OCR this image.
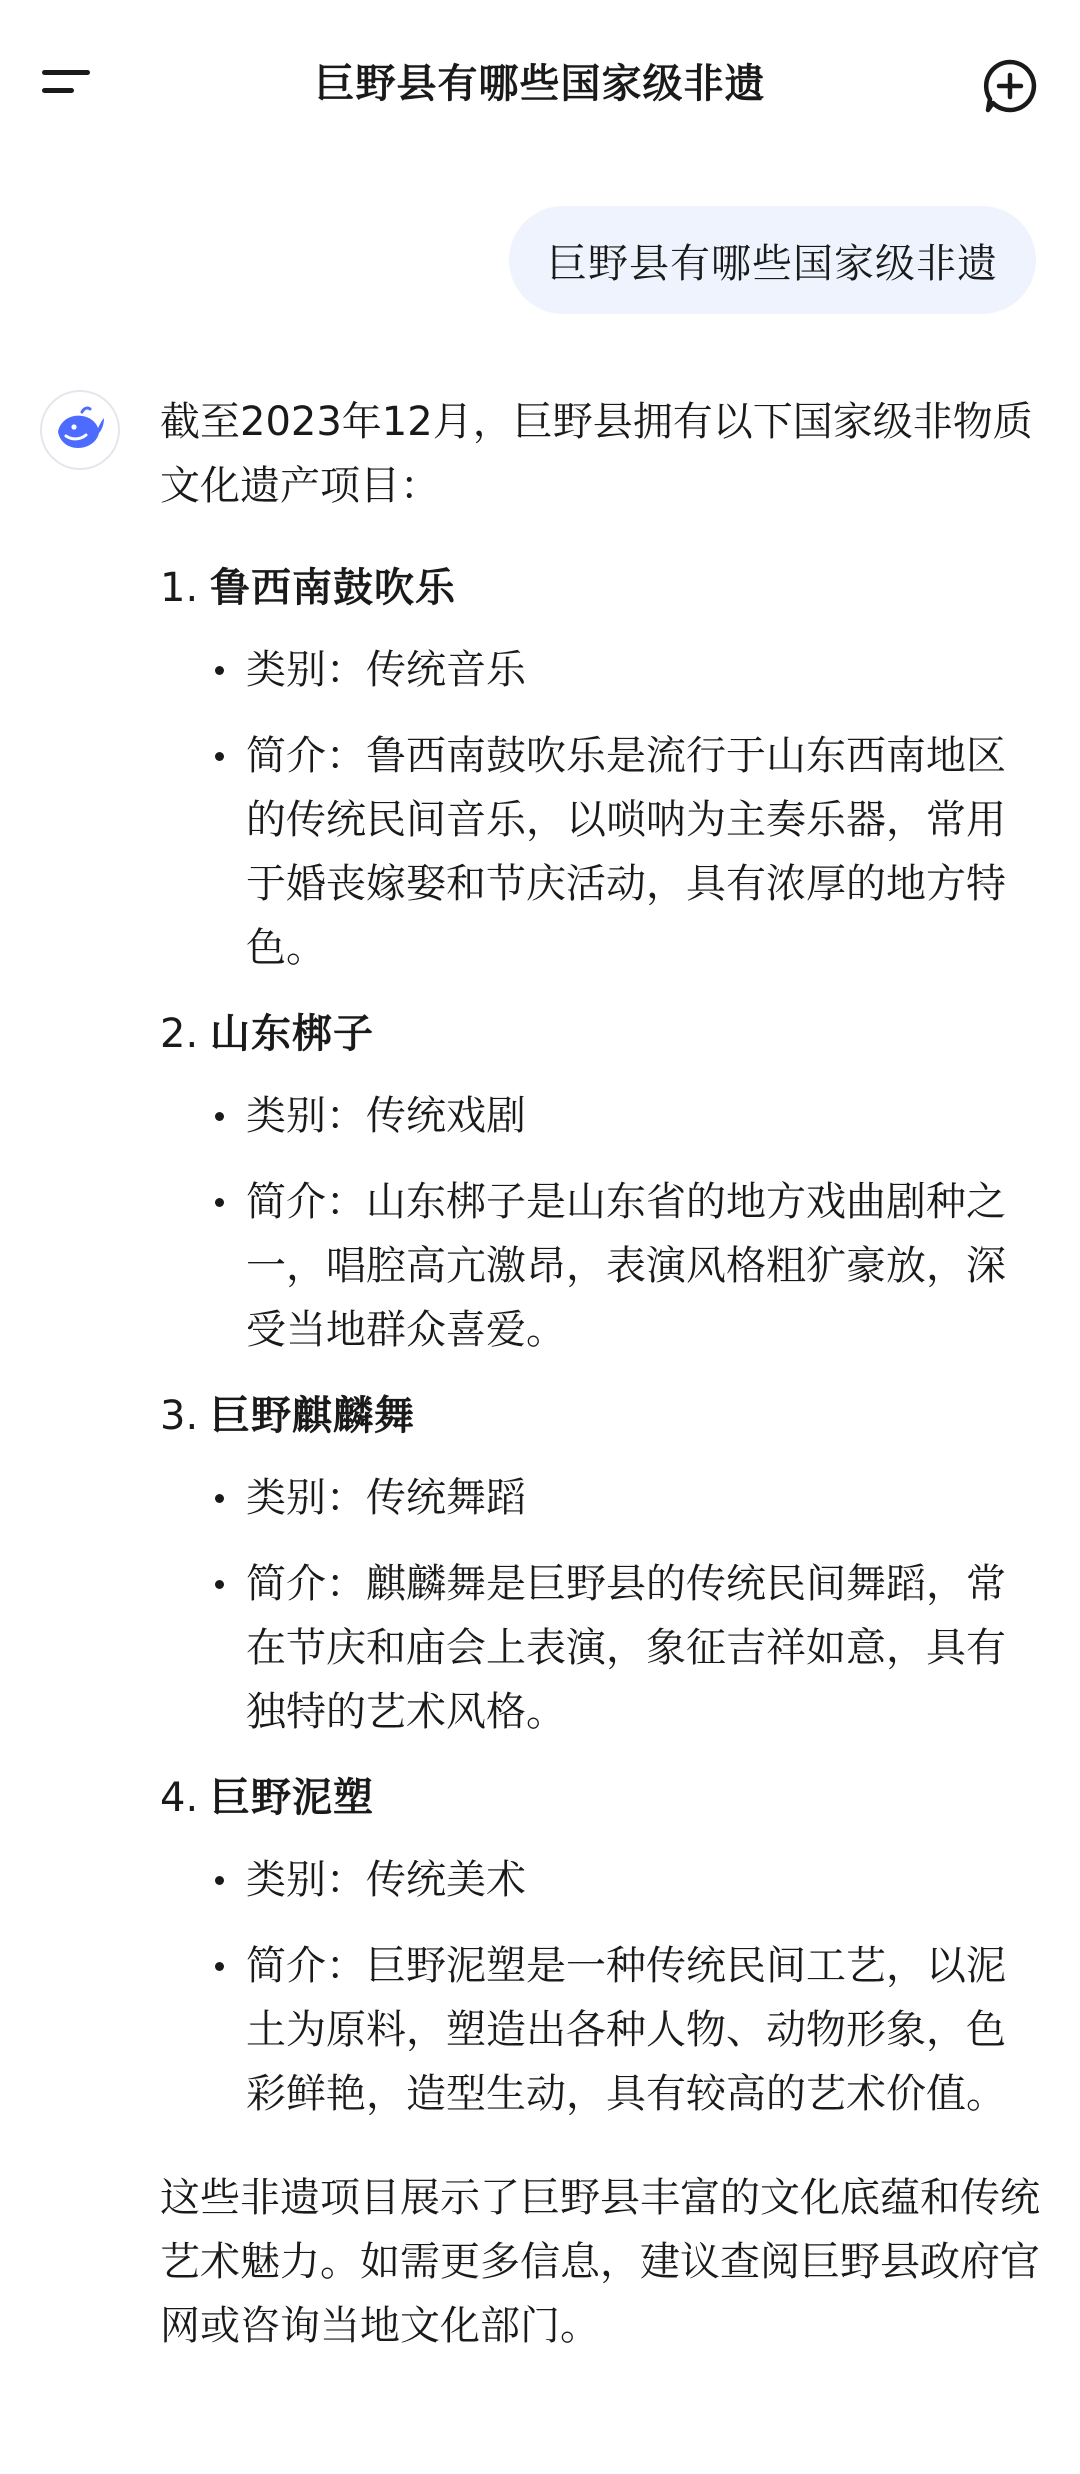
巨野县有哪些国家级非遗
巨野县有哪些国家级非遗
截至2023年12月，巨野县拥有以下国家级非物质文化遗产项目：
1. 鲁西南鼓吹乐
类别：传统音乐
简介：鲁西南鼓吹乐是流行于山东西南地区的传统民间音乐，以唢呐为主奏乐器，常用于婚丧嫁娶和节庆活动，具有浓厚的地方特色。
2. 山东梆子
类别：传统戏剧
简介：山东梆子是山东省的地方戏曲剧种之一，唱腔高亢激昂，表演风格粗犷豪放，深受当地群众喜爱。
3. 巨野麒麟舞
类别：传统舞蹈
简介：麒麟舞是巨野县的传统民间舞蹈，常在节庆和庙会上表演，象征吉祥如意，具有独特的艺术风格。
4. 巨野泥塑
类别：传统美术
简介：巨野泥塑是一种传统民间工艺，以泥土为原料，塑造出各种人物、动物形象，色彩鲜艳，造型生动，具有较高的艺术价值。
这些非遗项目展示了巨野县丰富的文化底蕴和传统艺术魅力。如需更多信息，建议查阅巨野县政府官网或咨询当地文化部门。
